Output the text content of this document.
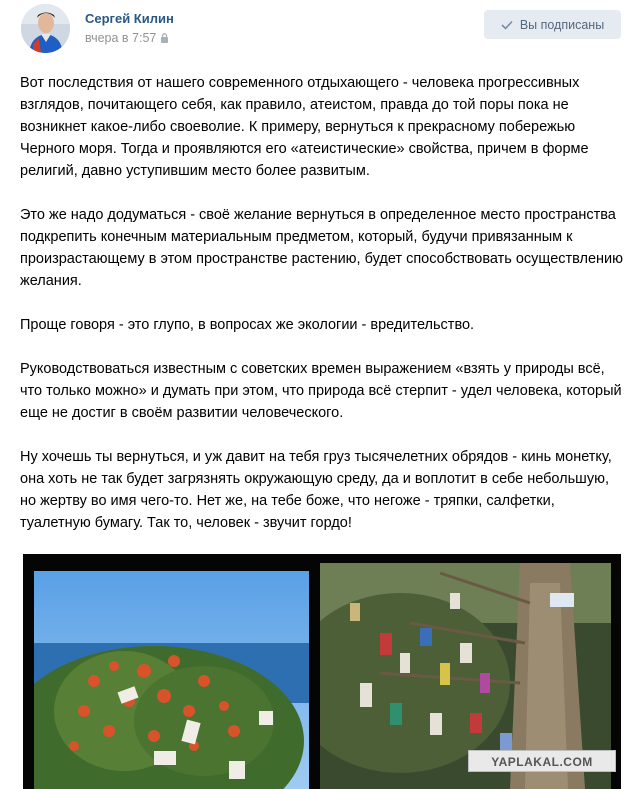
Сергей Килин
вчера в 7:57
Вы подписаны

Вот последствия от нашего современного отдыхающего - человека прогрессивных взглядов, почитающего себя, как правило, атеистом, правда до той поры пока не возникнет какое-либо своеволие. К примеру, вернуться к прекрасному побережью Черного моря. Тогда и проявляются его «атеистические» свойства, причем в форме религий, давно уступившим место более развитым.

Это же надо додуматься - своё желание вернуться в определенное место пространства подкрепить конечным материальным предметом, который, будучи привязанным к произрастающему в этом пространстве растению, будет способствовать осуществлению желания.

Проще говоря - это глупо, в вопросах же экологии - вредительство.

Руководствоваться известным с советских времен выражением «взять у природы всё, что только можно» и думать при этом, что природа всё стерпит - удел человека, который еще не достиг в своём развитии человеческого.

Ну хочешь ты вернуться, и уж давит на тебя груз тысячелетних обрядов - кинь монетку, она хоть не так будет загрязнять окружающую среду, да и воплотит в себе небольшую, но жертву во имя чего-то. Нет же, на тебе боже, что негоже - тряпки, салфетки, туалетную бумагу. Так то, человек - звучит гордо!

YAPLAKAL.COM
